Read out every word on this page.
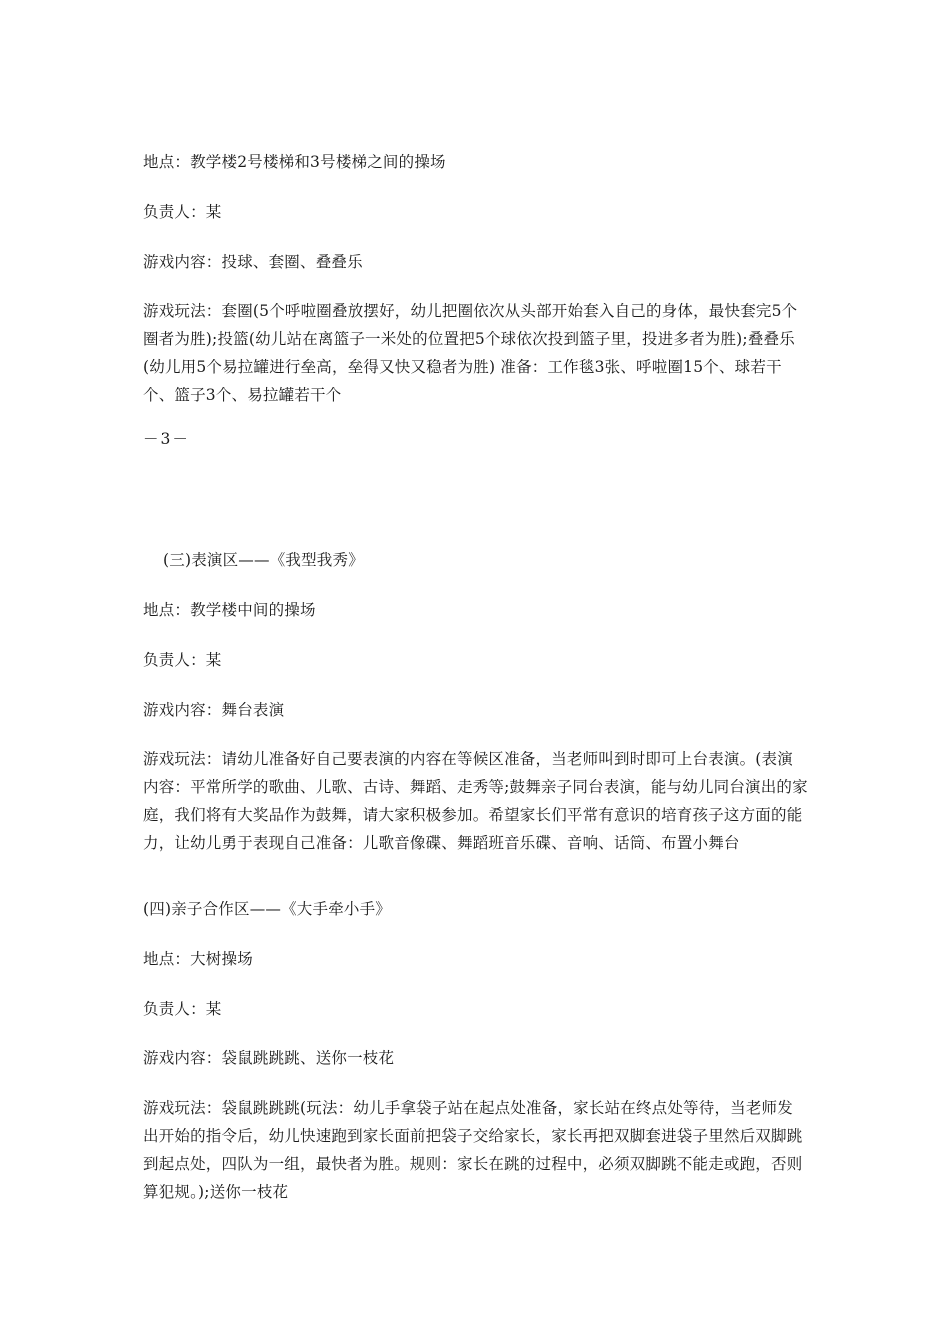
地点：教学楼2号楼梯和3号楼梯之间的操场

负责人：某

游戏内容：投球、套圈、叠叠乐

游戏玩法：套圈(5个呼啦圈叠放摆好，幼儿把圈依次从头部开始套入自己的身体，最快套完5个圈者为胜);投篮(幼儿站在离篮子一米处的位置把5个球依次投到篮子里，投进多者为胜);叠叠乐(幼儿用5个易拉罐进行垒高，垒得又快又稳者为胜) 准备：工作毯3张、呼啦圈15个、球若干个、篮子3个、易拉罐若干个

－3－

(三)表演区——《我型我秀》

地点：教学楼中间的操场

负责人：某

游戏内容：舞台表演

游戏玩法：请幼儿准备好自己要表演的内容在等候区准备，当老师叫到时即可上台表演。(表演内容：平常所学的歌曲、儿歌、古诗、舞蹈、走秀等;鼓舞亲子同台表演，能与幼儿同台演出的家庭，我们将有大奖品作为鼓舞，请大家积极参加。希望家长们平常有意识的培育孩子这方面的能力，让幼儿勇于表现自己准备：儿歌音像碟、舞蹈班音乐碟、音响、话筒、布置小舞台

(四)亲子合作区——《大手牵小手》

地点：大树操场

负责人：某

游戏内容：袋鼠跳跳跳、送你一枝花

游戏玩法：袋鼠跳跳跳(玩法：幼儿手拿袋子站在起点处准备，家长站在终点处等待，当老师发出开始的指令后，幼儿快速跑到家长面前把袋子交给家长，家长再把双脚套进袋子里然后双脚跳到起点处，四队为一组，最快者为胜。规则：家长在跳的过程中，必须双脚跳不能走或跑，否则算犯规。);送你一枝花
